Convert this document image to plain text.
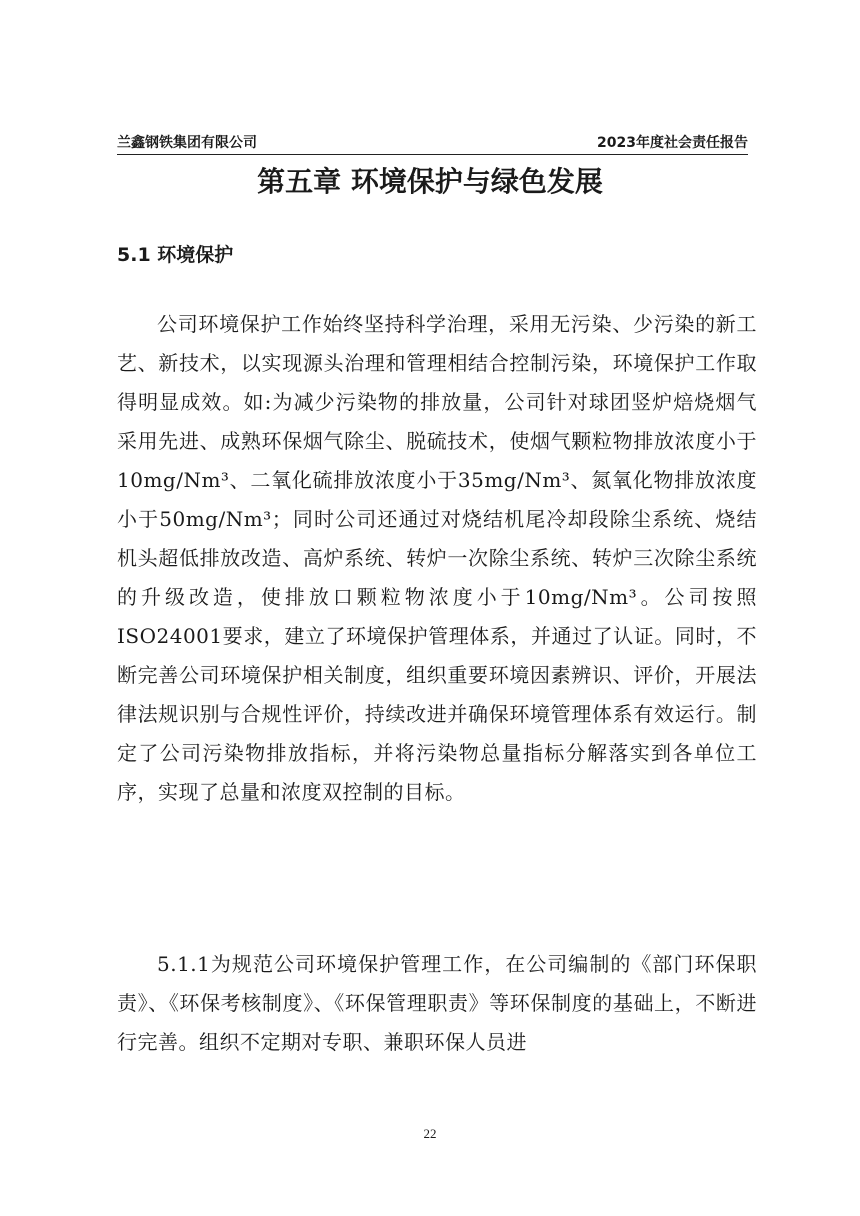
兰鑫钢铁集团有限公司	2023年度社会责任报告
第五章 环境保护与绿色发展
5.1 环境保护

公司环境保护工作始终坚持科学治理，采用无污染、少污染的新工艺、新技术，以实现源头治理和管理相结合控制污染，环境保护工作取得明显成效。如:为减少污染物的排放量，公司针对球团竖炉焙烧烟气采用先进、成熟环保烟气除尘、脱硫技术，使烟气颗粒物排放浓度小于10mg/Nm³、二氧化硫排放浓度小于35mg/Nm³、氮氧化物排放浓度小于50mg/Nm³；同时公司还通过对烧结机尾冷却段除尘系统、烧结机头超低排放改造、高炉系统、转炉一次除尘系统、转炉三次除尘系统的升级改造，使排放口颗粒物浓度小于10mg/Nm³。公司按照ISO24001要求，建立了环境保护管理体系，并通过了认证。同时，不断完善公司环境保护相关制度，组织重要环境因素辨识、评价，开展法律法规识别与合规性评价，持续改进并确保环境管理体系有效运行。制定了公司污染物排放指标，并将污染物总量指标分解落实到各单位工序，实现了总量和浓度双控制的目标。

5.1.1为规范公司环境保护管理工作，在公司编制的《部门环保职责》、《环保考核制度》、《环保管理职责》等环保制度的基础上，不断进行完善。组织不定期对专职、兼职环保人员进

22
